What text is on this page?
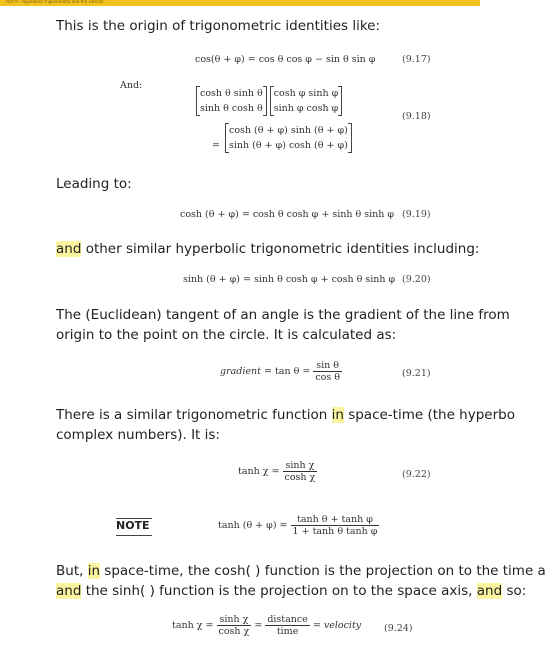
Part 9 - Hyperbolic trigonometry and the Lorentz ...
This is the origin of trigonometric identities like:
cos(θ + φ) = cos θ cos φ − sin θ sin φ	(9.17)
And:
cosh θ sinh θ
sinh θ cosh θ
cosh φ sinh φ
sinh φ cosh φ
=
cosh (θ + φ) sinh (θ + φ)
sinh (θ + φ) cosh (θ + φ)
(9.18)
Leading to:
cosh (θ + φ) = cosh θ cosh φ + sinh θ sinh φ (9.19)
and other similar hyperbolic trigonometric identities including:
sinh (θ + φ) = sinh θ cosh φ + cosh θ sinh φ (9.20)
The (Euclidean) tangent of an angle is the gradient of the line from
origin to the point on the circle. It is calculated as:
gradient = $\tan \theta = \frac{\text{sin θ}}{\text{cos θ}}$	(9.21)
There is a similar trigonometric function in space-time (the hyperbo
complex numbers). It is:
$\tanh \chi = \frac{\text{sinh χ}}{\text{cosh χ}}$	(9.22)
NOTE	$\tanh (\theta + \varphi) = \frac{\text{tanh θ + tanh φ}}{\text{1 + tanh θ tanh φ}}$
But, in space-time, the cosh( ) function is the projection on to the time a
and the sinh( ) function is the projection on to the space axis, and so:
$\tanh \chi = \frac{\text{sinh χ}}{\text{cosh χ}} = \frac{\text{distance}}{\text{time}}$ = velocity (9.24)
